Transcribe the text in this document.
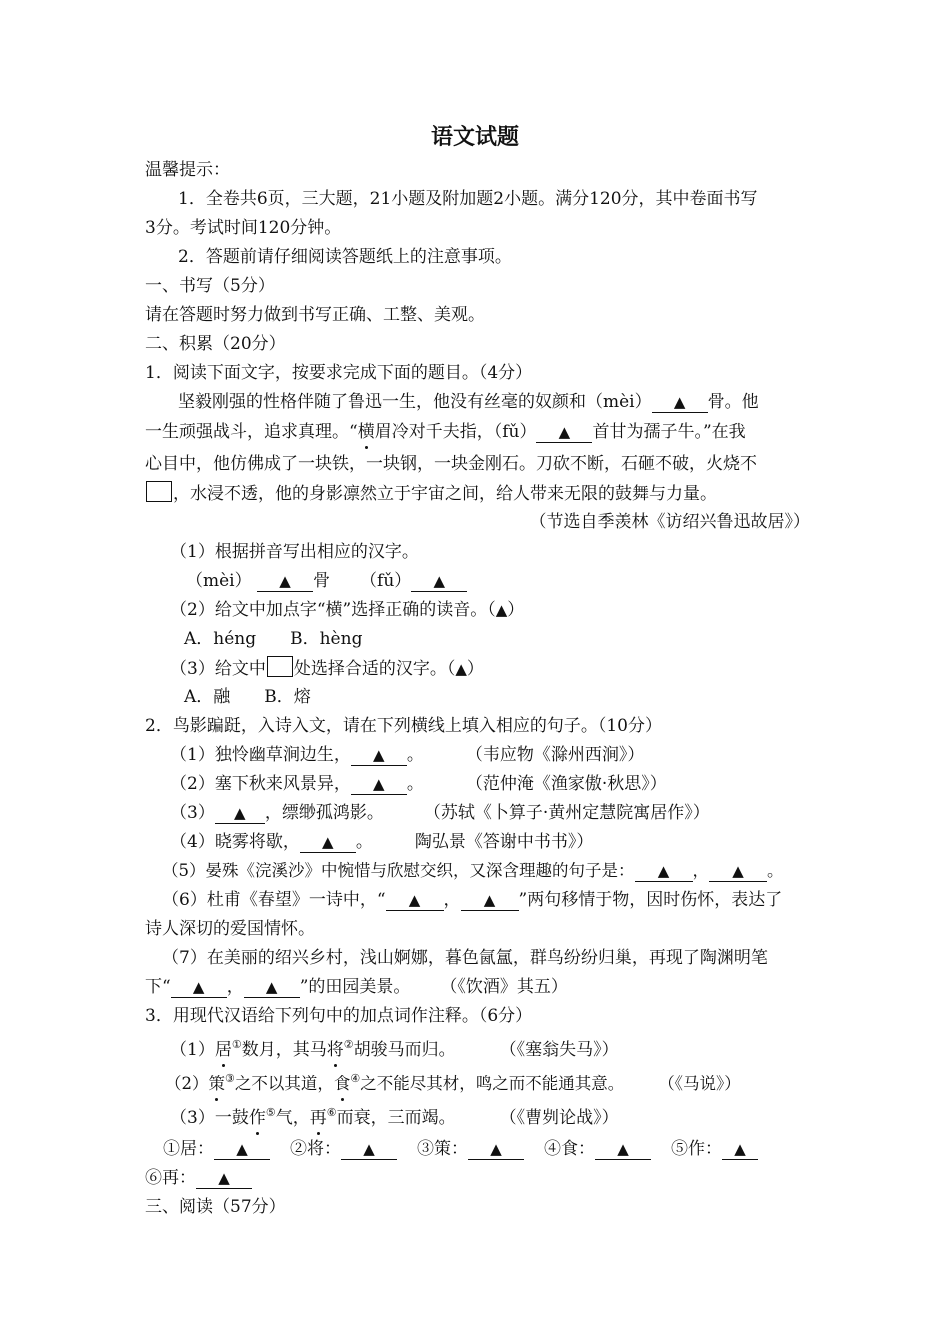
语文试题
温馨提示：
1．全卷共6页，三大题，21小题及附加题2小题。满分120分，其中卷面书写
3分。考试时间120分钟。
2．答题前请仔细阅读答题纸上的注意事项。
一、书写（5分）
请在答题时努力做到书写正确、工整、美观。
二、积累（20分）
1．阅读下面文字，按要求完成下面的题目。（4分）
坚毅刚强的性格伴随了鲁迅一生，他没有丝毫的奴颜和（mèi） ▲ 骨。他
一生顽强战斗，追求真理。“横眉冷对千夫指，（fǔ） ▲ 首甘为孺子牛。”在我
心目中，他仿佛成了一块铁，一块钢，一块金刚石。刀砍不断，石砸不破，火烧不
，水浸不透，他的身影凛然立于宇宙之间，给人带来无限的鼓舞与力量。
（节选自季羡林《访绍兴鲁迅故居》）
（1）根据拼音写出相应的汉字。
（mèi） ▲ 骨 （fǔ） ▲
（2）给文中加点字“横”选择正确的读音。（▲）
A．héng　　B．hèng
（3）给文中 处选择合适的汉字。（▲）
A．融　　B．熔
2．鸟影蹁跹，入诗入文，请在下列横线上填入相应的句子。（10分）
（1）独怜幽草涧边生， ▲ 。 （韦应物《滁州西涧》）
（2）塞下秋来风景异， ▲ 。 （范仲淹《渔家傲·秋思》）
（3） ▲ ，缥缈孤鸿影。 （苏轼《卜算子·黄州定慧院寓居作》）
（4）晓雾将歇， ▲ 。 陶弘景《答谢中书书》）
（5）晏殊《浣溪沙》中惋惜与欣慰交织，又深含理趣的句子是： ▲ ， ▲ 。
（6）杜甫《春望》一诗中，“ ▲ ， ▲ ”两句移情于物，因时伤怀，表达了
诗人深切的爱国情怀。
（7）在美丽的绍兴乡村，浅山婀娜，暮色氤氲，群鸟纷纷归巢，再现了陶渊明笔
下“ ▲ ， ▲ ”的田园美景。 （《饮酒》其五）
3．用现代汉语给下列句中的加点词作注释。（6分）
（1）居①数月，其马将②胡骏马而归。	（《塞翁失马》）
（2）策③之不以其道，食④之不能尽其材，鸣之而不能通其意。 （《马说》）
（3）一鼓作⑤气，再⑥而衰，三而竭。	（《曹刿论战》）
①居： ▲ ②将： ▲ ③策： ▲ ④食： ▲ ⑤作： ▲
⑥再： ▲
三、阅读（57分）
